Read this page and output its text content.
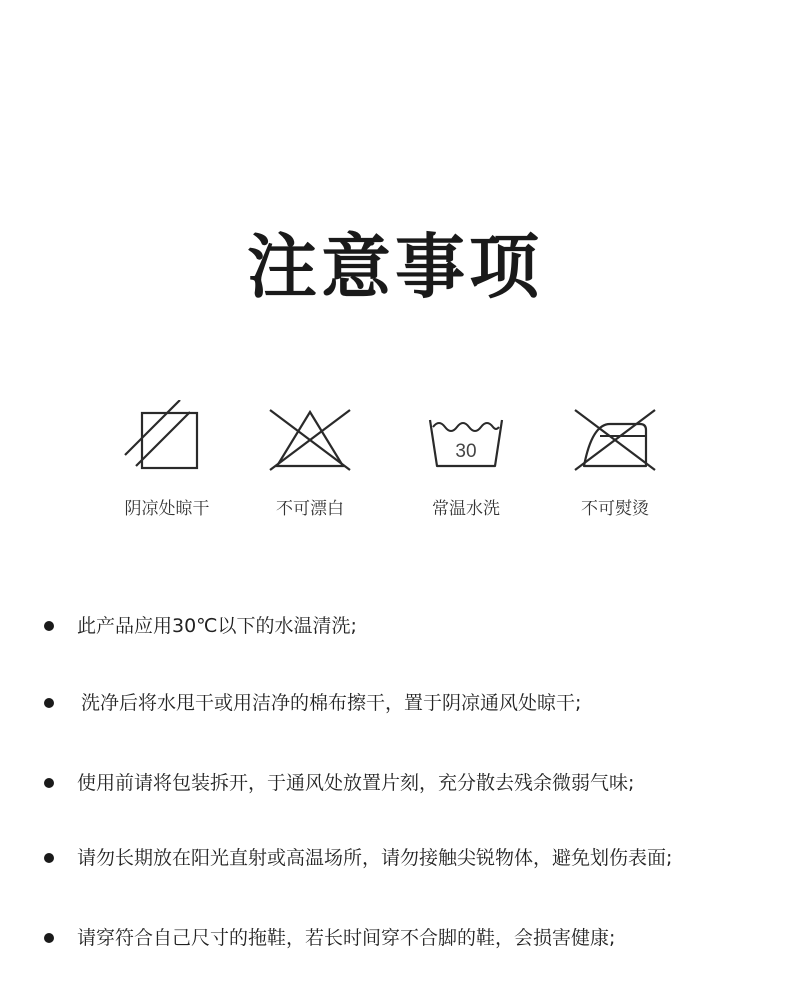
注意事项
阴凉处晾干	不可漂白
30
常温水洗	不可熨烫
此产品应用30℃以下的水温清洗;
洗净后将水甩干或用洁净的棉布擦干，置于阴凉通风处晾干;
使用前请将包装拆开，于通风处放置片刻，充分散去残余微弱气味;
请勿长期放在阳光直射或高温场所，请勿接触尖锐物体，避免划伤表面;
请穿符合自己尺寸的拖鞋，若长时间穿不合脚的鞋，会损害健康;
